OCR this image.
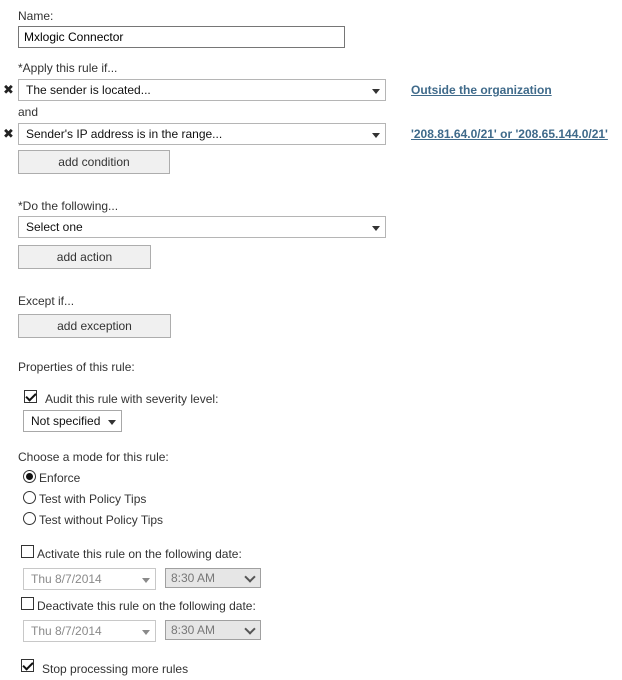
Name:
Mxlogic Connector
*Apply this rule if...
✖	The sender is located...	Outside the organization
and
✖	Sender's IP address is in the range...	'208.81.64.0/21' or '208.65.144.0/21'
add condition
*Do the following...
Select one
add action
Except if...
add exception
Properties of this rule:
Audit this rule with severity level:
Not specified
Choose a mode for this rule:
Enforce
Test with Policy Tips
Test without Policy Tips
Activate this rule on the following date:
Thu 8/7/2014	8:30 AM
Deactivate this rule on the following date:
Thu 8/7/2014	8:30 AM
Stop processing more rules
